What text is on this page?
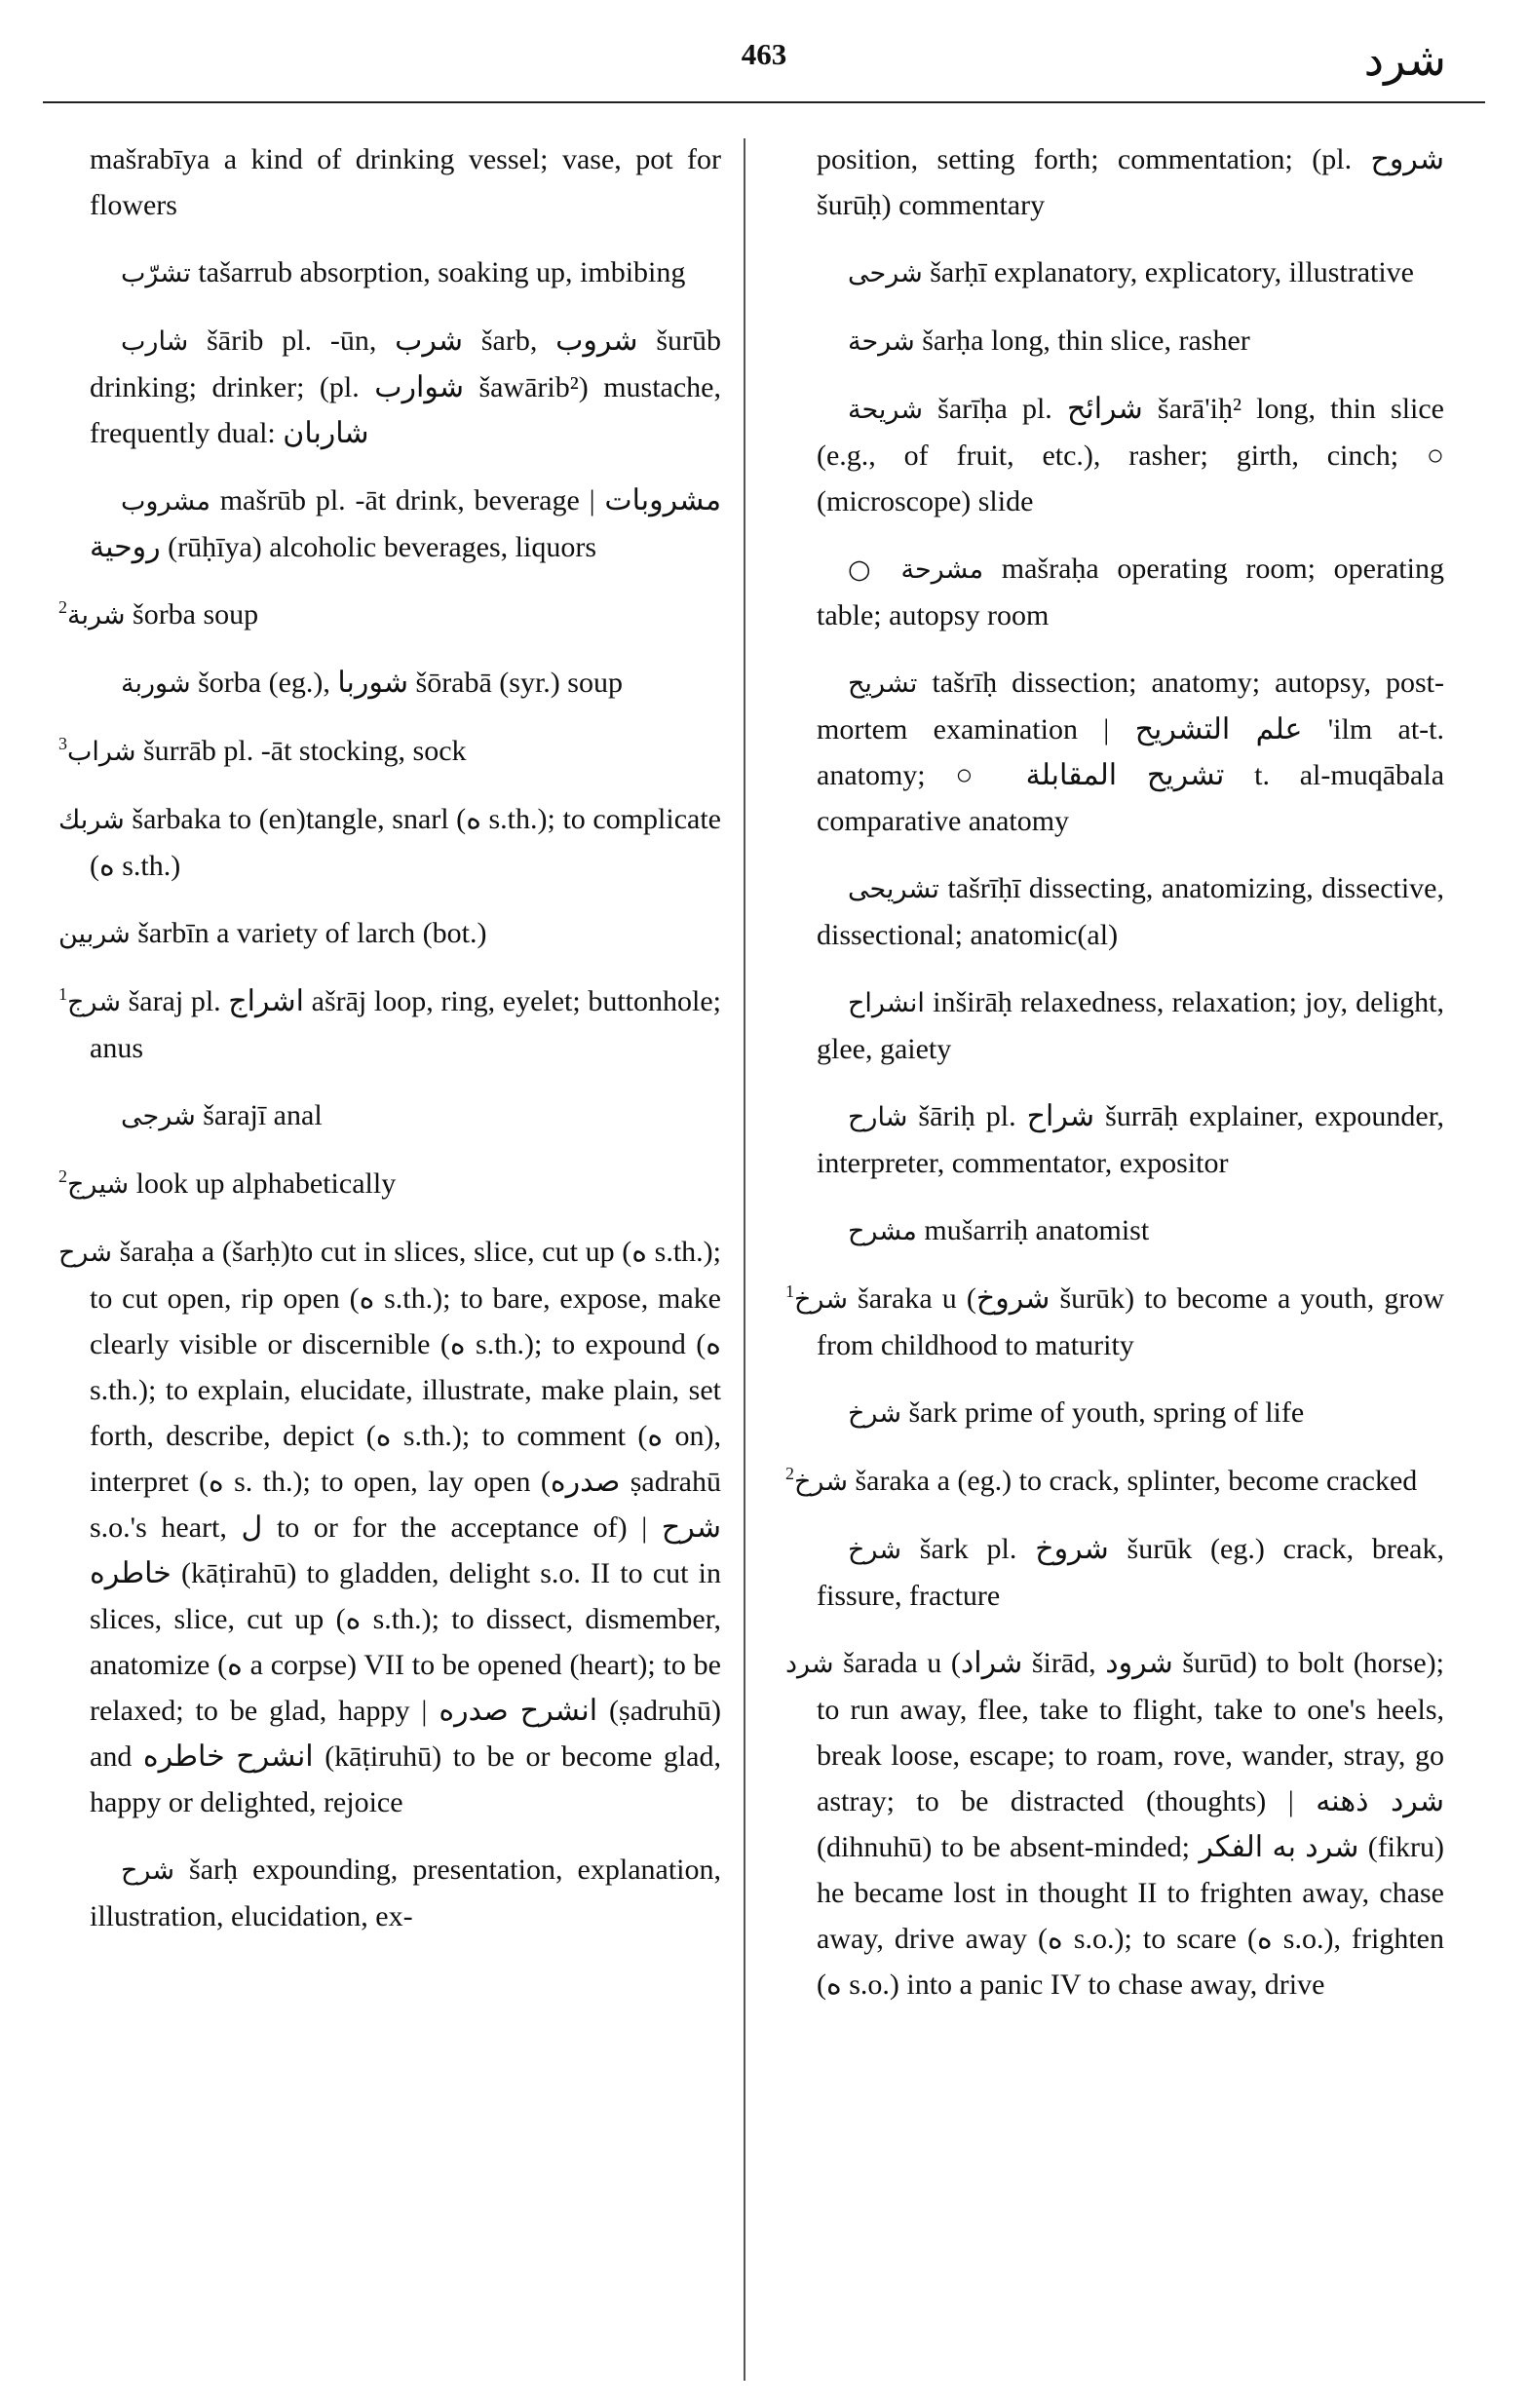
463	شرد
mašrabīya a kind of drinking vessel; vase, pot for flowers
تشرّب tašarrub absorption, soaking up, imbibing
شارب šārib pl. -ūn, شرب šarb, شروب šurūb drinking; drinker; (pl. شوارب šawārib²) mustache, frequently dual: شاربان
مشروب mašrūb pl. -āt drink, beverage | مشروبات روحية (rūḥīya) alcoholic beverages, liquors
$^2$شربة šorba soup
شوربة šorba (eg.), شوربا šōrabā (syr.) soup
$^3$شراب šurrāb pl. -āt stocking, sock
شربك šarbaka to (en)tangle, snarl (ه s.th.); to complicate (ه s.th.)
شربين šarbīn a variety of larch (bot.)
$^1$شرج šaraj pl. اشراج ašrāj loop, ring, eyelet; buttonhole; anus
شرجى šarajī anal
$^2$شيرج look up alphabetically
شرح šaraḥa a (šarḥ)to cut in slices, slice, cut up (ه s.th.); to cut open, rip open (ه s.th.); to bare, expose, make clearly visible or discernible (ه s.th.); to expound (ه s.th.); to explain, elucidate, illustrate, make plain, set forth, describe, depict (ه s.th.); to comment (ه on), interpret (ه s. th.); to open, lay open (صدره ṣadrahū s.o.'s heart, ل to or for the acceptance of) | شرح خاطره (kāṭirahū) to gladden, delight s.o. II to cut in slices, slice, cut up (ه s.th.); to dissect, dismember, anatomize (ه a corpse) VII to be opened (heart); to be relaxed; to be glad, happy | انشرح صدره (ṣadruhū) and انشرح خاطره (kāṭiruhū) to be or become glad, happy or delighted, rejoice
شرح šarḥ expounding, presentation, explanation, illustration, elucidation, ex-
position, setting forth; commentation; (pl. شروح šurūḥ) commentary
شرحى šarḥī explanatory, explicatory, illustrative
شرحة šarḥa long, thin slice, rasher
شريحة šarīḥa pl. شرائح šarā'iḥ² long, thin slice (e.g., of fruit, etc.), rasher; girth, cinch; ○ (microscope) slide
○ مشرحة mašraḥa operating room; operating table; autopsy room
تشريح tašrīḥ dissection; anatomy; autopsy, post-mortem examination | علم التشريح 'ilm at-t. anatomy; ○ تشريح المقابلة t. al-muqābala comparative anatomy
تشريحى tašrīḥī dissecting, anatomizing, dissective, dissectional; anatomic(al)
انشراح inširāḥ relaxedness, relaxation; joy, delight, glee, gaiety
شارح šāriḥ pl. شراح šurrāḥ explainer, expounder, interpreter, commentator, expositor
مشرح mušarriḥ anatomist
$^1$شرخ šaraka u (شروخ šurūk) to become a youth, grow from childhood to maturity
شرخ šark prime of youth, spring of life
$^2$شرخ šaraka a (eg.) to crack, splinter, become cracked
شرخ šark pl. شروخ šurūk (eg.) crack, break, fissure, fracture
شرد šarada u (شراد širād, شرود šurūd) to bolt (horse); to run away, flee, take to flight, take to one's heels, break loose, escape; to roam, rove, wander, stray, go astray; to be distracted (thoughts) | شرد ذهنه (dihnuhū) to be absent-minded; شرد به الفكر (fikru) he became lost in thought II to frighten away, chase away, drive away (ه s.o.); to scare (ه s.o.), frighten (ه s.o.) into a panic IV to chase away, drive
